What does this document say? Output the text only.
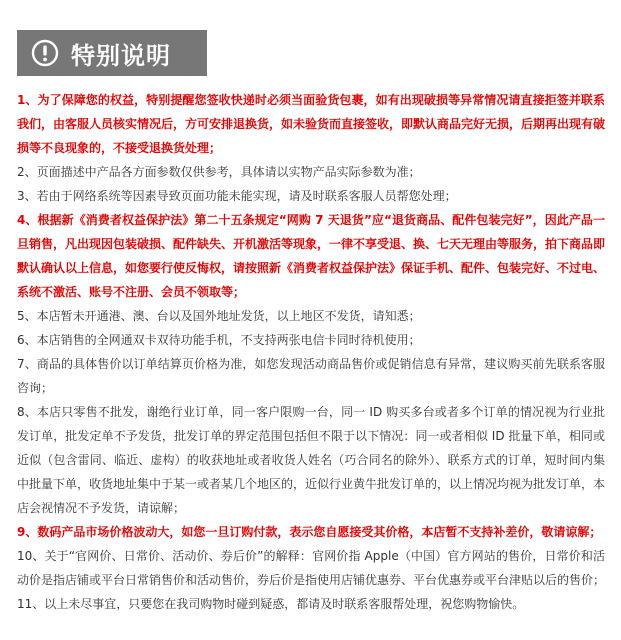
特别说明
1、为了保障您的权益，特别提醒您签收快递时必须当面验货包裹，如有出现破损等异常情况请直接拒签并联系我们，由客服人员核实情况后，方可安排退换货，如未验货而直接签收，即默认商品完好无损，后期再出现有破损等不良现象的，不接受退换货处理；
2、页面描述中产品各方面参数仅供参考，具体请以实物产品实际参数为准；
3、若由于网络系统等因素导致页面功能未能实现，请及时联系客服人员帮您处理；
4、根据新《消费者权益保护法》第二十五条规定“网购 7 天退货”应“退货商品、配件包装完好”，因此产品一旦销售，凡出现因包装破损、配件缺失、开机激活等现象，一律不享受退、换、七天无理由等服务，拍下商品即默认确认以上信息，如您要行使反悔权，请按照新《消费者权益保护法》保证手机、配件、包装完好、不过电、系统不激活、账号不注册、会员不领取等；
5、本店暂未开通港、澳、台以及国外地址发货，以上地区不发货，请知悉；
6、本店销售的全网通双卡双待功能手机，不支持两张电信卡同时待机使用；
7、商品的具体售价以订单结算页价格为准，如您发现活动商品售价或促销信息有异常，建议购买前先联系客服咨询；
8、本店只零售不批发，谢绝行业订单，同一客户限购一台，同一 ID 购买多台或者多个订单的情况视为行业批发订单，批发定单不予发货，批发订单的界定范围包括但不限于以下情况：同一或者相似 ID 批量下单，相同或近似（包含雷同、临近、虚构）的收获地址或者收货人姓名（巧合同名的除外）、联系方式的订单，短时间内集中批量下单，收货地址集中于某一或者某几个地区的，近似行业黄牛批发订单的，以上情况均视为批发订单，本店会视情况不予发货，请谅解；
9、数码产品市场价格波动大，如您一旦订购付款，表示您自愿接受其价格，本店暂不支持补差价，敬请谅解；
10、关于“官网价、日常价、活动价、券后价”的解释：官网价指 Apple（中国）官方网站的售价，日常价和活动价是指店铺或平台日常销售价和活动售价，券后价是指使用店铺优惠券、平台优惠券或平台津贴以后的售价；
11、以上未尽事宜，只要您在我司购物时碰到疑惑，都请及时联系客服帮处理，祝您购物愉快。
